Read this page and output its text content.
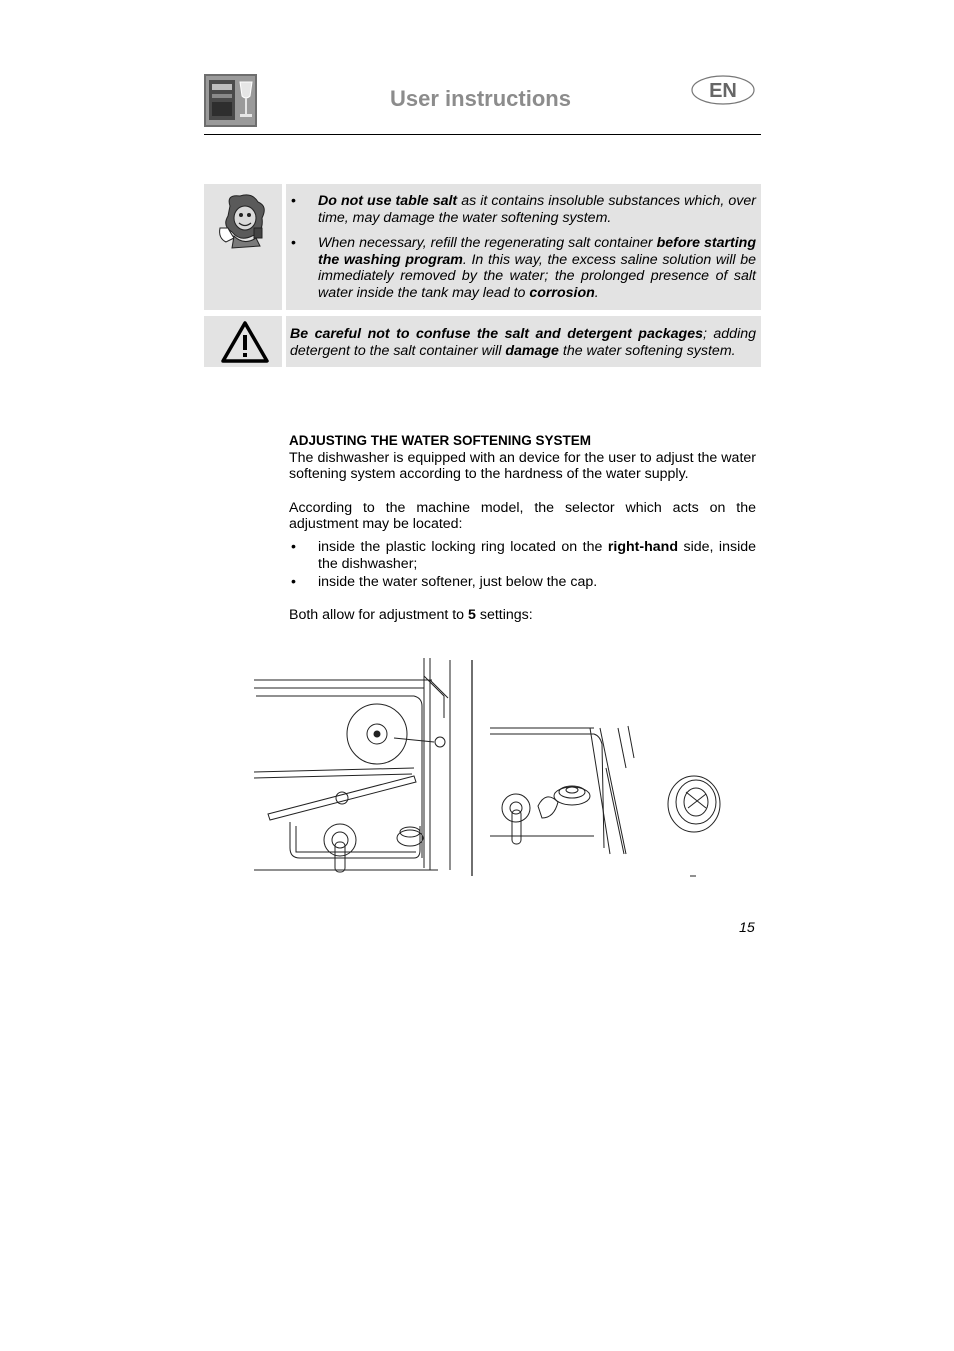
User instructions	EN
• Do not use table salt as it contains insoluble substances which, over time, may damage the water softening system.
• When necessary, refill the regenerating salt container before starting the washing program. In this way, the excess saline solution will be immediately removed by the water; the prolonged presence of salt water inside the tank may lead to corrosion.
Be careful not to confuse the salt and detergent packages; adding detergent to the salt container will damage the water softening system.
ADJUSTING THE WATER SOFTENING SYSTEM

The dishwasher is equipped with an device for the user to adjust the water softening system according to the hardness of the water supply.

According to the machine model, the selector which acts on the adjustment may be located:

• inside the plastic locking ring located on the right-hand side, inside the dishwasher;
• inside the water softener, just below the cap.

Both allow for adjustment to 5 settings:

15
